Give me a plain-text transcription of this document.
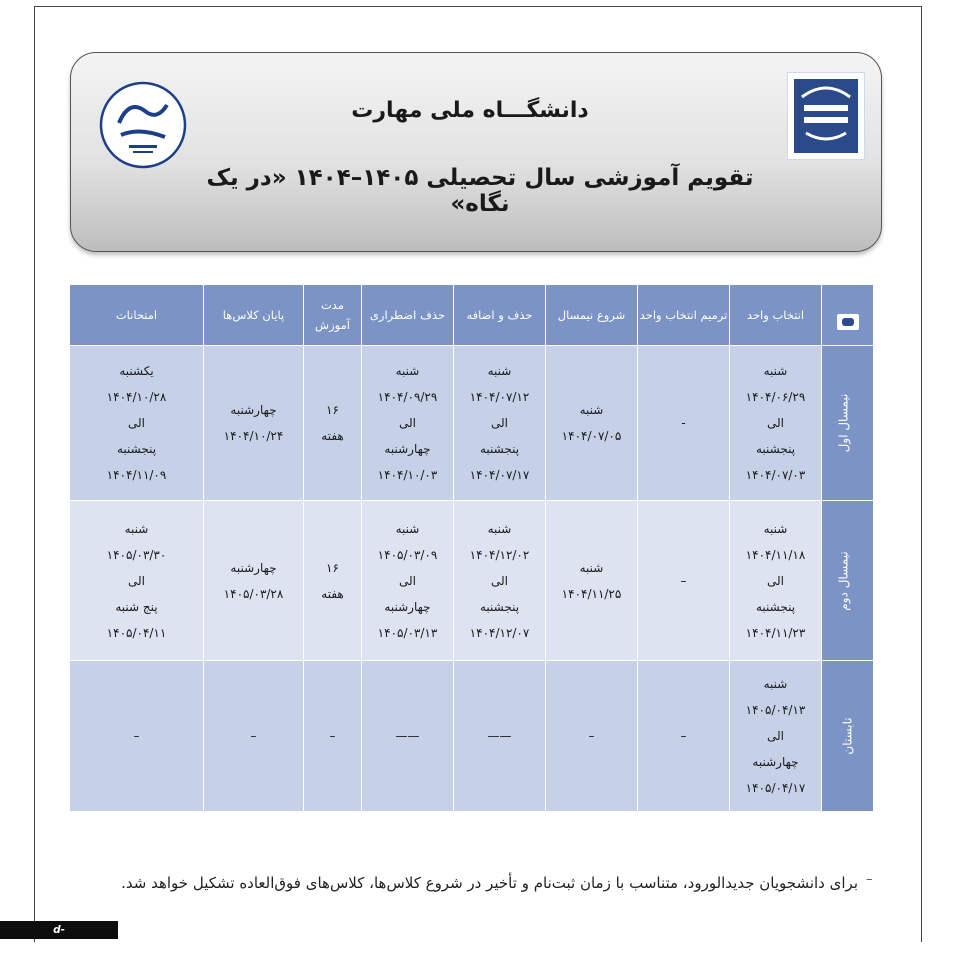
دانشگـــاه ملی مهارت
تقویم آموزشی سال تحصیلی ۱۴۰۵–۱۴۰۴ «در یک نگاه»
	انتخاب واحد	ترمیم انتخاب واحد	شروع نیمسال	حذف و اضافه	حذف اضطراری	مدت آموزش	پایان کلاس‌ها	امتحانات
نیمسال اول	شنبه
۱۴۰۴/۰۶/۲۹
الی
پنجشنبه
۱۴۰۴/۰۷/۰۳	-	شنبه
۱۴۰۴/۰۷/۰۵	شنبه
۱۴۰۴/۰۷/۱۲
الی
پنجشنبه
۱۴۰۴/۰۷/۱۷	شنبه
۱۴۰۴/۰۹/۲۹
الی
چهارشنبه
۱۴۰۴/۱۰/۰۳	۱۶
هفته	چهارشنبه
۱۴۰۴/۱۰/۲۴	یکشنبه
۱۴۰۴/۱۰/۲۸
الی
پنجشنبه
۱۴۰۴/۱۱/۰۹

نیمسال دوم	شنبه
۱۴۰۴/۱۱/۱۸
الی
پنجشنبه
۱۴۰۴/۱۱/۲۳	–	شنبه
۱۴۰۴/۱۱/۲۵	شنبه
۱۴۰۴/۱۲/۰۲
الی
پنجشنبه
۱۴۰۴/۱۲/۰۷	شنبه
۱۴۰۵/۰۳/۰۹
الی
چهارشنبه
۱۴۰۵/۰۳/۱۳	۱۶
هفته	چهارشنبه
۱۴۰۵/۰۳/۲۸	شنبه
۱۴۰۵/۰۳/۳۰
الی
پنج شنبه
۱۴۰۵/۰۴/۱۱

تابستان	شنبه
۱۴۰۵/۰۴/۱۳
الی
چهارشنبه
۱۴۰۵/۰۴/۱۷	–	–	——	——	–	–	–
–
برای دانشجویان جدیدالورود، متناسب با زمان ثبت‌نام و تأخیر در شروع کلاس‌ها، کلاس‌های فوق‌العاده تشکیل خواهد شد.
d-shahreza.tvu.ac.ir
